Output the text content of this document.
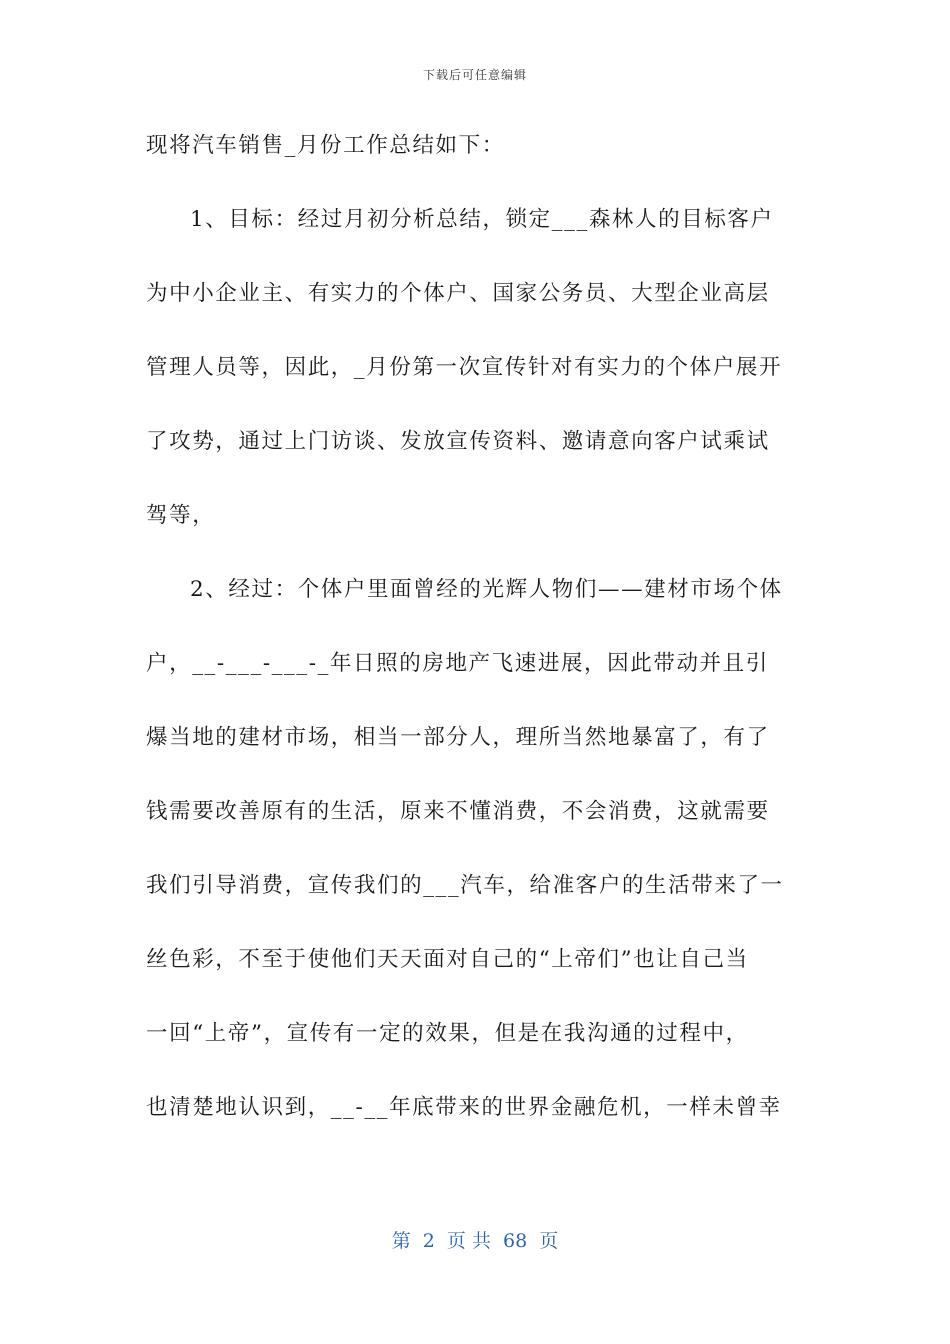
下载后可任意编辑
现将汽车销售_月份工作总结如下：
1、目标：经过月初分析总结，锁定___森林人的目标客户
为中小企业主、有实力的个体户、国家公务员、大型企业高层
管理人员等，因此，_月份第一次宣传针对有实力的个体户展开
了攻势，通过上门访谈、发放宣传资料、邀请意向客户试乘试
驾等，
2、经过：个体户里面曾经的光辉人物们——建材市场个体
户，__-___-___-_年日照的房地产飞速进展，因此带动并且引
爆当地的建材市场，相当一部分人，理所当然地暴富了，有了
钱需要改善原有的生活，原来不懂消费，不会消费，这就需要
我们引导消费，宣传我们的___汽车，给准客户的生活带来了一
丝色彩，不至于使他们天天面对自己的“上帝们”也让自己当
一回“上帝”，宣传有一定的效果，但是在我沟通的过程中，
也清楚地认识到，__-__年底带来的世界金融危机，一样未曾幸
第 2 页 共 68 页
